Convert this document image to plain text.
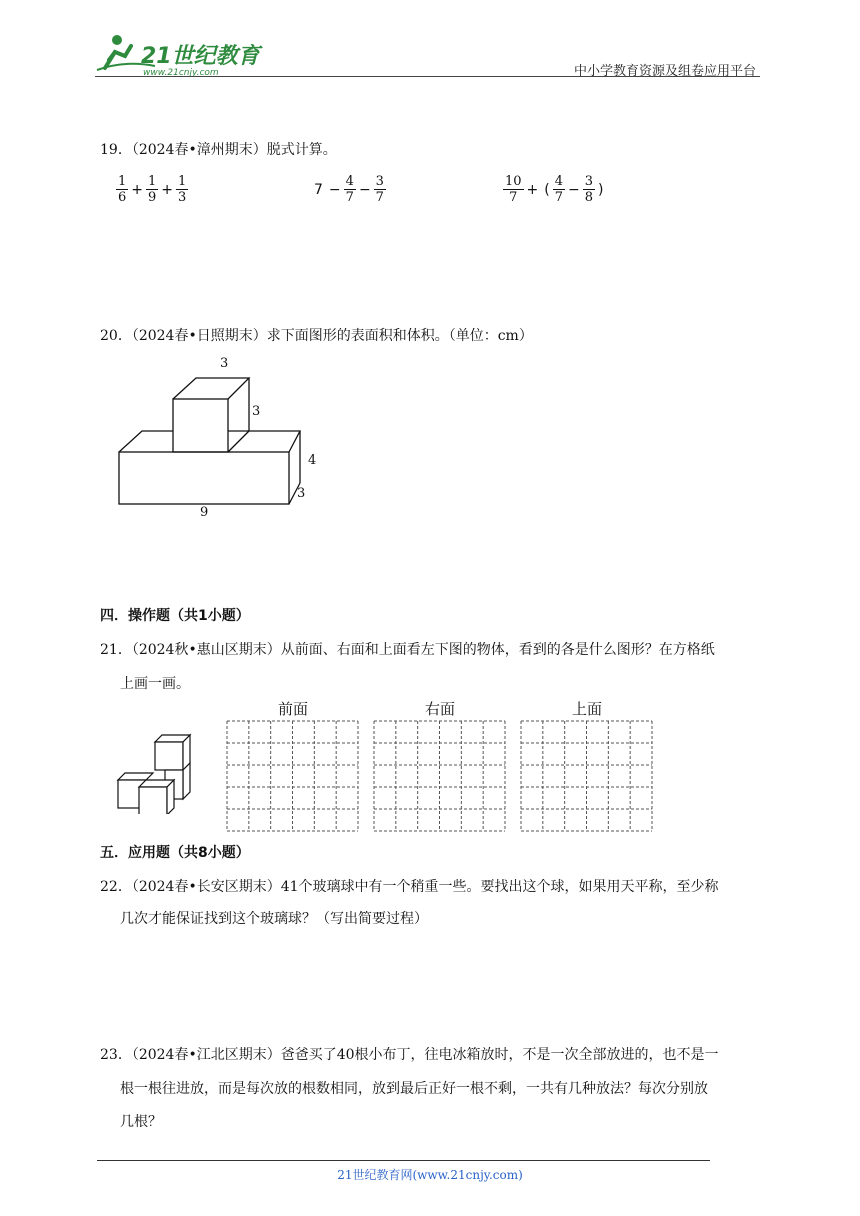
21世纪教育
www.21cnjy.com	中小学教育资源及组卷应用平台
19．（2024春•漳州期末）脱式计算。
$\frac{1}{6} + \frac{1}{9} + \frac{1}{3}$	$7 - \frac{4}{7} - \frac{3}{7}$	$\frac{10}{7}$ + ( $\frac{4}{7} - \frac{3}{8}$ )
20．（2024春•日照期末）求下面图形的表面积和体积。（单位：cm）
3
3
4
3
9
四．操作题（共1小题）
21．（2024秋•惠山区期末）从前面、右面和上面看左下图的物体，看到的各是什么图形？在方格纸
上画一画。
前面	右面	上面
五．应用题（共8小题）
22．（2024春•长安区期末）41个玻璃球中有一个稍重一些。要找出这个球，如果用天平称，至少称
几次才能保证找到这个玻璃球？（写出简要过程）
23．（2024春•江北区期末）爸爸买了40根小布丁，往电冰箱放时，不是一次全部放进的，也不是一
根一根往进放，而是每次放的根数相同，放到最后正好一根不剩，一共有几种放法？每次分别放
几根？
21世纪教育网(www.21cnjy.com)
